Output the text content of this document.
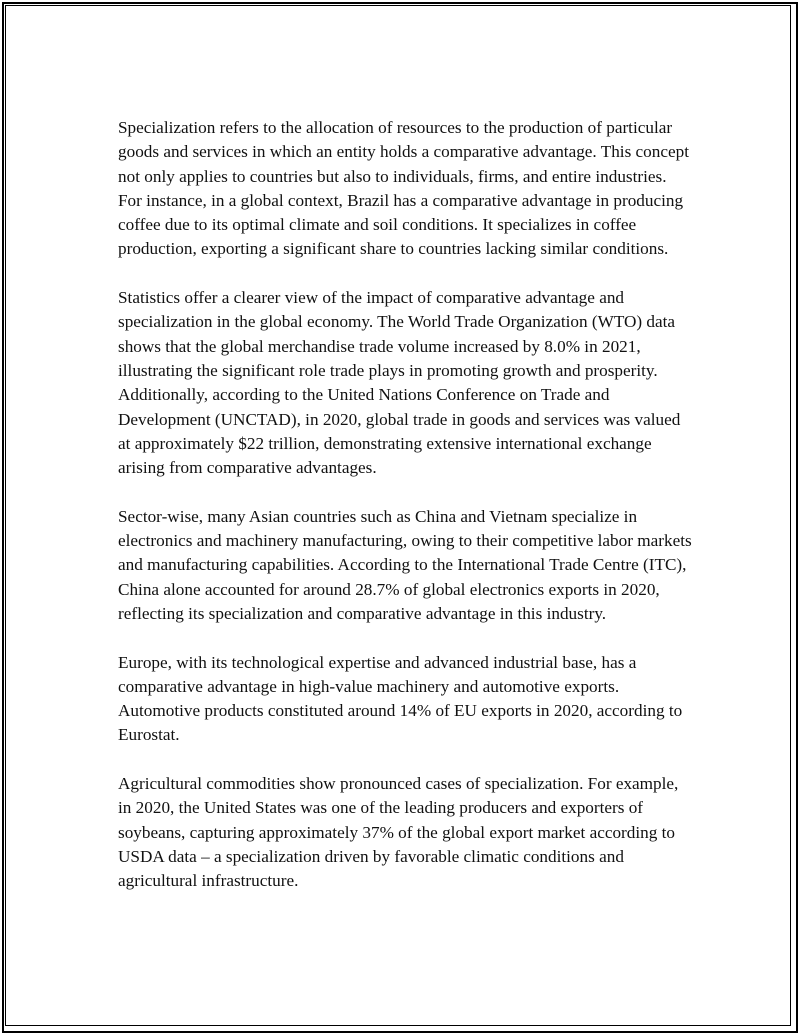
Specialization refers to the allocation of resources to the production of particular goods and services in which an entity holds a comparative advantage. This concept not only applies to countries but also to individuals, firms, and entire industries. For instance, in a global context, Brazil has a comparative advantage in producing coffee due to its optimal climate and soil conditions. It specializes in coffee production, exporting a significant share to countries lacking similar conditions.

Statistics offer a clearer view of the impact of comparative advantage and specialization in the global economy. The World Trade Organization (WTO) data shows that the global merchandise trade volume increased by 8.0% in 2021, illustrating the significant role trade plays in promoting growth and prosperity. Additionally, according to the United Nations Conference on Trade and Development (UNCTAD), in 2020, global trade in goods and services was valued at approximately $22 trillion, demonstrating extensive international exchange arising from comparative advantages.

Sector-wise, many Asian countries such as China and Vietnam specialize in electronics and machinery manufacturing, owing to their competitive labor markets and manufacturing capabilities. According to the International Trade Centre (ITC), China alone accounted for around 28.7% of global electronics exports in 2020, reflecting its specialization and comparative advantage in this industry.

Europe, with its technological expertise and advanced industrial base, has a comparative advantage in high-value machinery and automotive exports. Automotive products constituted around 14% of EU exports in 2020, according to Eurostat.

Agricultural commodities show pronounced cases of specialization. For example, in 2020, the United States was one of the leading producers and exporters of soybeans, capturing approximately 37% of the global export market according to USDA data – a specialization driven by favorable climatic conditions and agricultural infrastructure.
